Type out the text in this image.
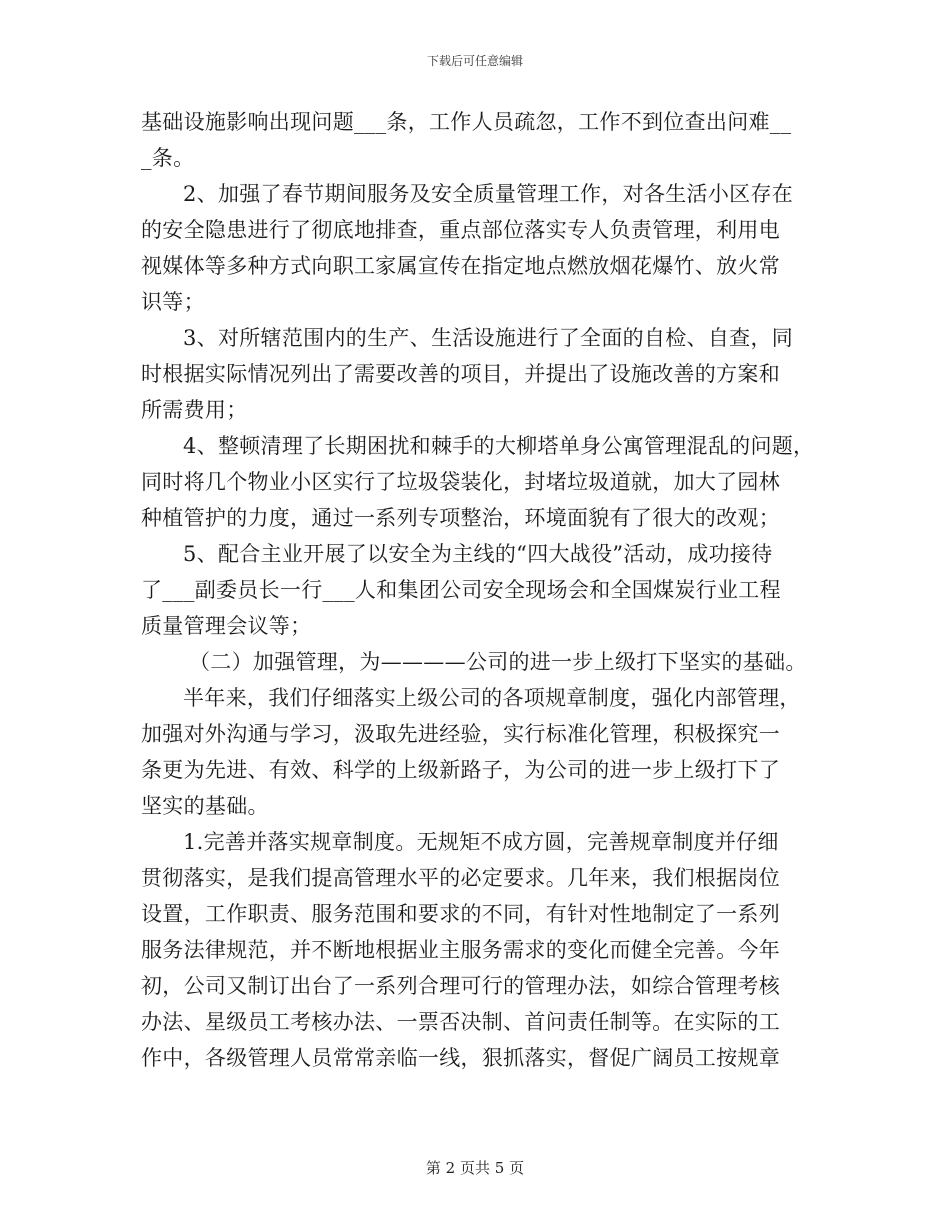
下载后可任意编辑
基础设施影响出现问题___条，工作人员疏忽，工作不到位查出问难__
_条。
2、加强了春节期间服务及安全质量管理工作，对各生活小区存在
的安全隐患进行了彻底地排查，重点部位落实专人负责管理，利用电
视媒体等多种方式向职工家属宣传在指定地点燃放烟花爆竹、放火常
识等；
3、对所辖范围内的生产、生活设施进行了全面的自检、自查，同
时根据实际情况列出了需要改善的项目，并提出了设施改善的方案和
所需费用；
4、整顿清理了长期困扰和棘手的大柳塔单身公寓管理混乱的问题，
同时将几个物业小区实行了垃圾袋装化，封堵垃圾道就，加大了园林
种植管护的力度，通过一系列专项整治，环境面貌有了很大的改观；
5、配合主业开展了以安全为主线的“四大战役”活动，成功接待
了___副委员长一行___人和集团公司安全现场会和全国煤炭行业工程
质量管理会议等；
（二）加强管理，为————公司的进一步上级打下坚实的基础。
半年来，我们仔细落实上级公司的各项规章制度，强化内部管理，
加强对外沟通与学习，汲取先进经验，实行标准化管理，积极探究一
条更为先进、有效、科学的上级新路子，为公司的进一步上级打下了
坚实的基础。
1.完善并落实规章制度。无规矩不成方圆，完善规章制度并仔细
贯彻落实，是我们提高管理水平的必定要求。几年来，我们根据岗位
设置，工作职责、服务范围和要求的不同，有针对性地制定了一系列
服务法律规范，并不断地根据业主服务需求的变化而健全完善。今年
初，公司又制订出台了一系列合理可行的管理办法，如综合管理考核
办法、星级员工考核办法、一票否决制、首问责任制等。在实际的工
作中，各级管理人员常常亲临一线，狠抓落实，督促广阔员工按规章
第 2 页共 5 页
